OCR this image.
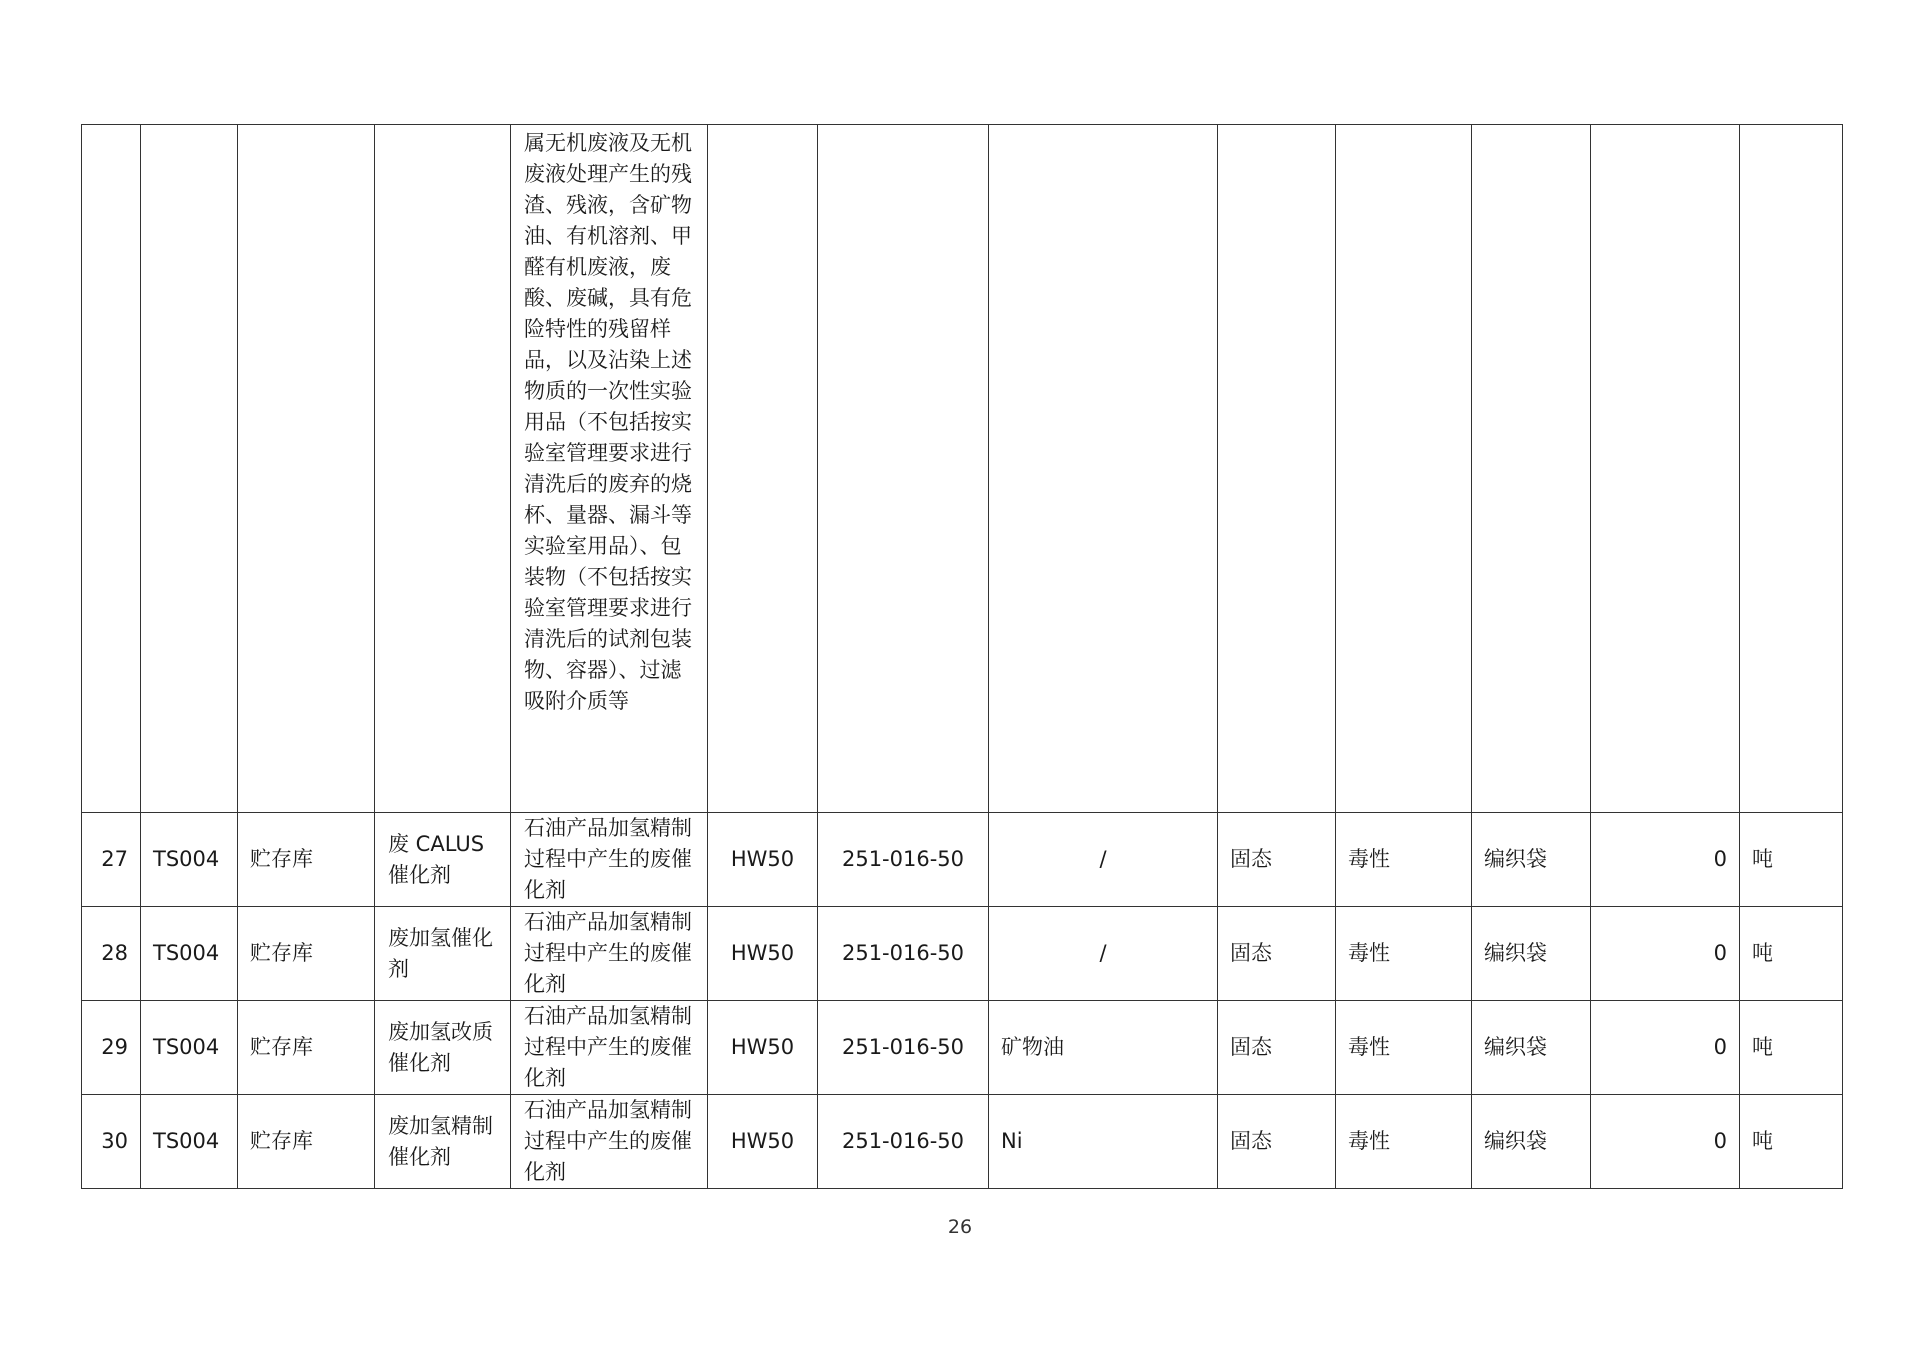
				属无机废液及无机废液处理产生的残渣、残液，含矿物油、有机溶剂、甲醛有机废液，废酸、废碱，具有危险特性的残留样品，以及沾染上述物质的一次性实验用品（不包括按实验室管理要求进行清洗后的废弃的烧杯、量器、漏斗等实验室用品）、包装物（不包括按实验室管理要求进行清洗后的试剂包装物、容器）、过滤吸附介质等								
27	TS004	贮存库	废 CALUS 催化剂	石油产品加氢精制过程中产生的废催化剂	HW50	251-016-50	/	固态	毒性	编织袋	0	吨
28	TS004	贮存库	废加氢催化剂	石油产品加氢精制过程中产生的废催化剂	HW50	251-016-50	/	固态	毒性	编织袋	0	吨
29	TS004	贮存库	废加氢改质催化剂	石油产品加氢精制过程中产生的废催化剂	HW50	251-016-50	矿物油	固态	毒性	编织袋	0	吨
30	TS004	贮存库	废加氢精制催化剂	石油产品加氢精制过程中产生的废催化剂	HW50	251-016-50	Ni	固态	毒性	编织袋	0	吨
26
